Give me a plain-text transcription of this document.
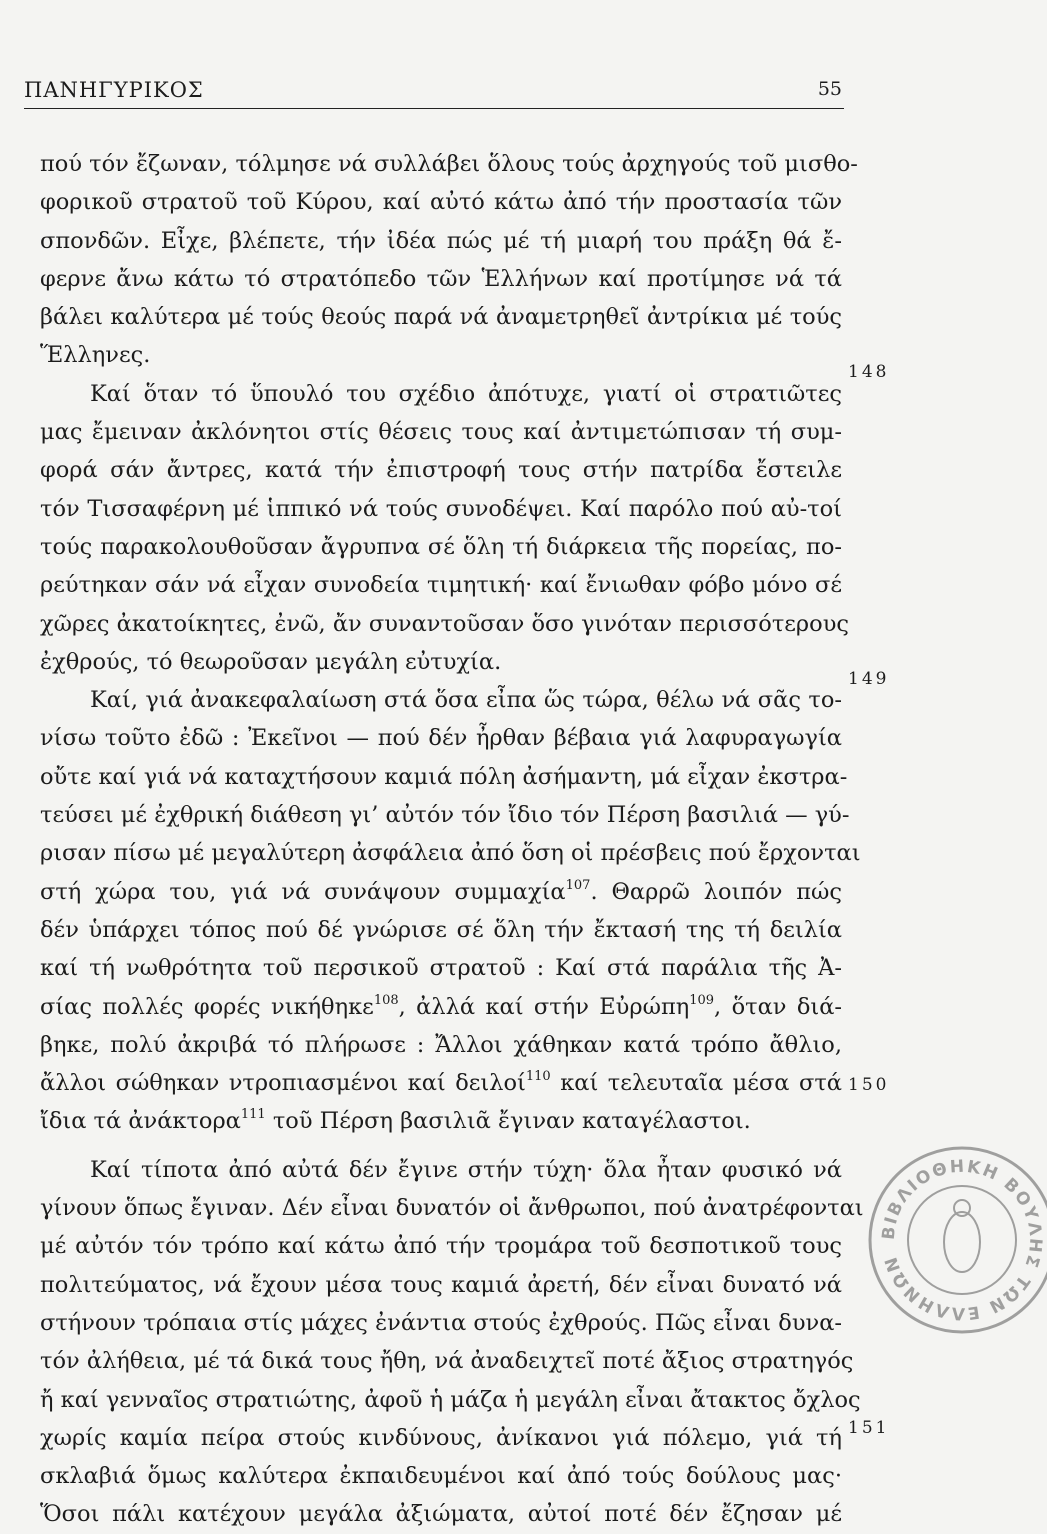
ΠΑΝΗΓΥΡΙΚΟΣ	55
πού τόν ἔζωναν, τόλμησε νά συλλάβει ὅλους τούς ἀρχηγούς τοῦ μισθο-
φορικοῦ στρατοῦ τοῦ Κύρου, καί αὐτό κάτω ἀπό τήν προστασία τῶν
σπονδῶν. Εἶχε, βλέπετε, τήν ἰδέα πώς μέ τή μιαρή του πράξη θά ἔ-
φερνε ἄνω κάτω τό στρατόπεδο τῶν Ἑλλήνων καί προτίμησε νά τά
βάλει καλύτερα μέ τούς θεούς παρά νά ἀναμετρηθεῖ ἀντρίκια μέ τούς
Ἕλληνες.
Καί ὅταν τό ὕπουλό του σχέδιο ἀπότυχε, γιατί οἱ στρατιῶτες
μας ἔμειναν ἀκλόνητοι στίς θέσεις τους καί ἀντιμετώπισαν τή συμ-
φορά σάν ἄντρες, κατά τήν ἐπιστροφή τους στήν πατρίδα ἔστειλε
τόν Τισσαφέρνη μέ ἱππικό νά τούς συνοδέψει. Καί παρόλο πού αὐ-τοί
τούς παρακολουθοῦσαν ἄγρυπνα σέ ὅλη τή διάρκεια τῆς πορείας, πο-
ρεύτηκαν σάν νά εἶχαν συνοδεία τιμητική· καί ἔνιωθαν φόβο μόνο σέ
χῶρες ἀκατοίκητες, ἐνῶ, ἄν συναντοῦσαν ὅσο γινόταν περισσότερους
ἐχθρούς, τό θεωροῦσαν μεγάλη εὐτυχία.
Καί, γιά ἀνακεφαλαίωση στά ὅσα εἶπα ὥς τώρα, θέλω νά σᾶς το-
νίσω τοῦτο ἐδῶ : Ἐκεῖνοι — πού δέν ἦρθαν βέβαια γιά λαφυραγωγία
οὔτε καί γιά νά καταχτήσουν καμιά πόλη ἀσήμαντη, μά εἶχαν ἐκστρα-
τεύσει μέ ἐχθρική διάθεση γι’ αὐτόν τόν ἴδιο τόν Πέρση βασιλιά — γύ-
ρισαν πίσω μέ μεγαλύτερη ἀσφάλεια ἀπό ὅση οἱ πρέσβεις πού ἔρχονται
στή χώρα του, γιά νά συνάψουν συμμαχία$^{107}$. Θαρρῶ λοιπόν πώς
δέν ὑπάρχει τόπος πού δέ γνώρισε σέ ὅλη τήν ἔκτασή της τή δειλία
καί τή νωθρότητα τοῦ περσικοῦ στρατοῦ : Καί στά παράλια τῆς Ἀ-
σίας πολλές φορές νικήθηκε$^{108}$, ἀλλά καί στήν Εὐρώπη$^{109}$, ὅταν διά-
βηκε, πολύ ἀκριβά τό πλήρωσε : Ἄλλοι χάθηκαν κατά τρόπο ἄθλιο,
ἄλλοι σώθηκαν ντροπιασμένοι καί δειλοί$^{110}$ καί τελευταῖα μέσα στά
ἴδια τά ἀνάκτορα$^{111}$ τοῦ Πέρση βασιλιᾶ ἔγιναν καταγέλαστοι.
Καί τίποτα ἀπό αὐτά δέν ἔγινε στήν τύχη· ὅλα ἦταν φυσικό νά
γίνουν ὅπως ἔγιναν. Δέν εἶναι δυνατόν οἱ ἄνθρωποι, πού ἀνατρέφονται
μέ αὐτόν τόν τρόπο καί κάτω ἀπό τήν τρομάρα τοῦ δεσποτικοῦ τους
πολιτεύματος, νά ἔχουν μέσα τους καμιά ἀρετή, δέν εἶναι δυνατό νά
στήνουν τρόπαια στίς μάχες ἐνάντια στούς ἐχθρούς. Πῶς εἶναι δυνα-
τόν ἀλήθεια, μέ τά δικά τους ἤθη, νά ἀναδειχτεῖ ποτέ ἄξιος στρατηγός
ἤ καί γενναῖος στρατιώτης, ἀφοῦ ἡ μάζα ἡ μεγάλη εἶναι ἄτακτος ὄχλος
χωρίς καμία πείρα στούς κινδύνους, ἀνίκανοι γιά πόλεμο, γιά τή
σκλαβιά ὅμως καλύτερα ἐκπαιδευμένοι καί ἀπό τούς δούλους μας·
Ὅσοι πάλι κατέχουν μεγάλα ἀξιώματα, αὐτοί ποτέ δέν ἔζησαν μέ
148
149
150
151
ΒΙΒΛΙΟΘΗΚΗ ΒΟΥΛΗΣ ΤΩΝ ΕΛΛΗΝΩΝ
